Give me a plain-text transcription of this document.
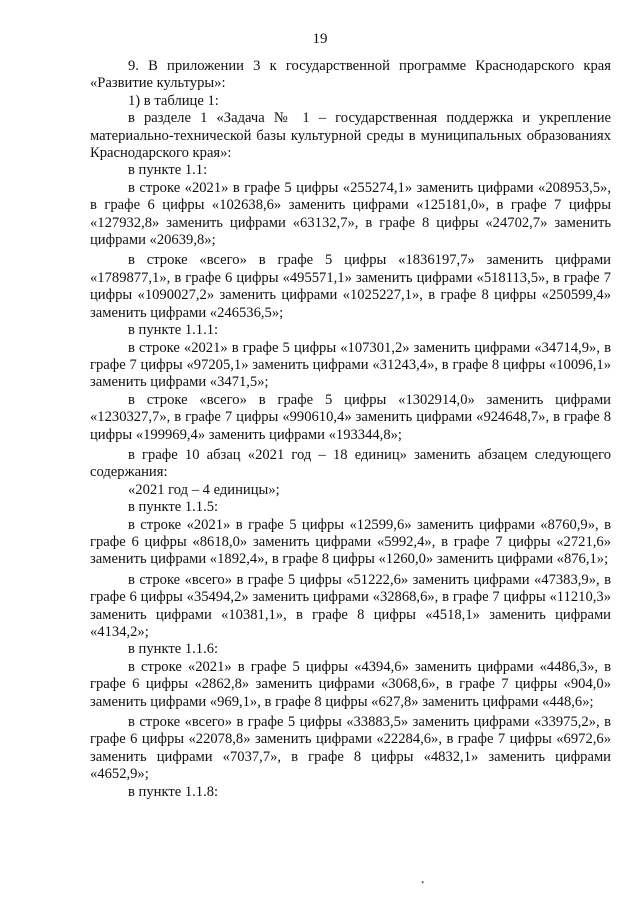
19

9. В приложении 3 к государственной программе Краснодарского края «Развитие культуры»:

1) в таблице 1:

в разделе 1 «Задача № 1 – государственная поддержка и укрепление материально-технической базы культурной среды в муниципальных образованиях Краснодарского края»:

в пункте 1.1:

в строке «2021» в графе 5 цифры «255274,1» заменить цифрами «208953,5», в графе 6 цифры «102638,6» заменить цифрами «125181,0», в графе 7 цифры «127932,8» заменить цифрами «63132,7», в графе 8 цифры «24702,7» заменить цифрами «20639,8»;

в строке «всего» в графе 5 цифры «1836197,7» заменить цифрами «1789877,1», в графе 6 цифры «495571,1» заменить цифрами «518113,5», в графе 7 цифры «1090027,2» заменить цифрами «1025227,1», в графе 8 цифры «250599,4» заменить цифрами «246536,5»;

в пункте 1.1.1:

в строке «2021» в графе 5 цифры «107301,2» заменить цифрами «34714,9», в графе 7 цифры «97205,1» заменить цифрами «31243,4», в графе 8 цифры «10096,1» заменить цифрами «3471,5»;

в строке «всего» в графе 5 цифры «1302914,0» заменить цифрами «1230327,7», в графе 7 цифры «990610,4» заменить цифрами «924648,7», в графе 8 цифры «199969,4» заменить цифрами «193344,8»;

в графе 10 абзац «2021 год – 18 единиц» заменить абзацем следующего содержания:

«2021 год – 4 единицы»;

в пункте 1.1.5:

в строке «2021» в графе 5 цифры «12599,6» заменить цифрами «8760,9», в графе 6 цифры «8618,0» заменить цифрами «5992,4», в графе 7 цифры «2721,6» заменить цифрами «1892,4», в графе 8 цифры «1260,0» заменить цифрами «876,1»;

в строке «всего» в графе 5 цифры «51222,6» заменить цифрами «47383,9», в графе 6 цифры «35494,2» заменить цифрами «32868,6», в графе 7 цифры «11210,3» заменить цифрами «10381,1», в графе 8 цифры «4518,1» заменить цифрами «4134,2»;

в пункте 1.1.6:

в строке «2021» в графе 5 цифры «4394,6» заменить цифрами «4486,3», в графе 6 цифры «2862,8» заменить цифрами «3068,6», в графе 7 цифры «904,0» заменить цифрами «969,1», в графе 8 цифры «627,8» заменить цифрами «448,6»;

в строке «всего» в графе 5 цифры «33883,5» заменить цифрами «33975,2», в графе 6 цифры «22078,8» заменить цифрами «22284,6», в графе 7 цифры «6972,6» заменить цифрами «7037,7», в графе 8 цифры «4832,1» заменить цифрами «4652,9»;

в пункте 1.1.8:
